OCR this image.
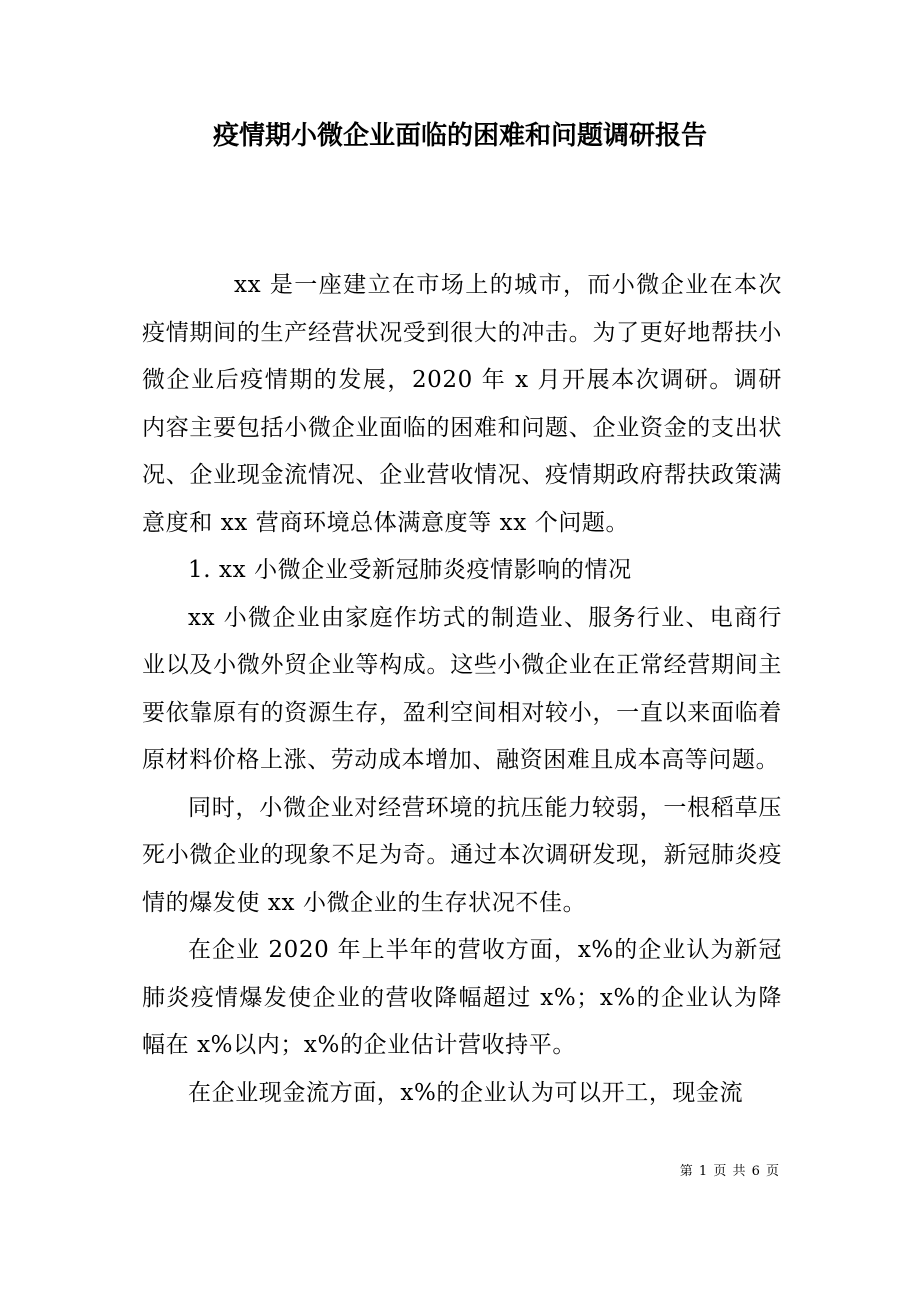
疫情期小微企业面临的困难和问题调研报告

xx 是一座建立在市场上的城市，而小微企业在本次疫情期间的生产经营状况受到很大的冲击。为了更好地帮扶小微企业后疫情期的发展，2020 年 x 月开展本次调研。调研内容主要包括小微企业面临的困难和问题、企业资金的支出状况、企业现金流情况、企业营收情况、疫情期政府帮扶政策满意度和 xx 营商环境总体满意度等 xx 个问题。

1. xx 小微企业受新冠肺炎疫情影响的情况

xx 小微企业由家庭作坊式的制造业、服务行业、电商行业以及小微外贸企业等构成。这些小微企业在正常经营期间主要依靠原有的资源生存，盈利空间相对较小，一直以来面临着原材料价格上涨、劳动成本增加、融资困难且成本高等问题。

同时，小微企业对经营环境的抗压能力较弱，一根稻草压死小微企业的现象不足为奇。通过本次调研发现，新冠肺炎疫情的爆发使 xx 小微企业的生存状况不佳。

在企业 2020 年上半年的营收方面，x%的企业认为新冠肺炎疫情爆发使企业的营收降幅超过 x%；x%的企业认为降幅在 x%以内；x%的企业估计营收持平。

在企业现金流方面，x%的企业认为可以开工，现金流

第 1 页 共 6 页
